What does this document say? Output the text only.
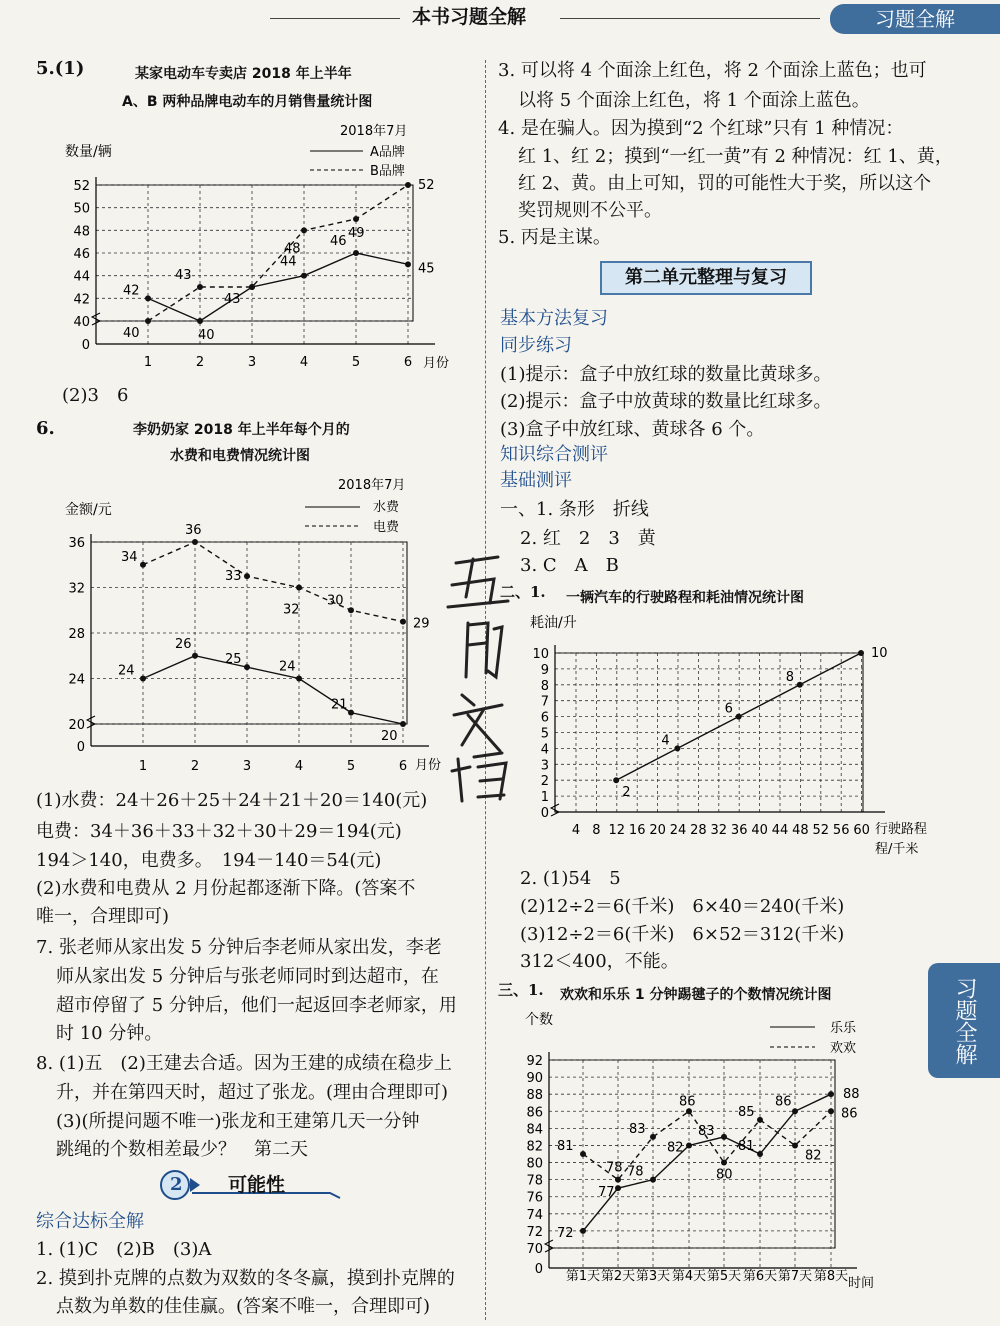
本书习题全解	习题全解
习题全解
5.(1)	某家电动车专卖店 2018 年上半年
A、B 两种品牌电动车的月销售量统计图
0
40
42
44
46
48
50
52
1	2	3	4	5	6
数量/辆
2018年7月
A品牌
B品牌
月份
42
40
43
40
43
48
44
49
46
52
45
(2)3　6
6.	李奶奶家 2018 年上半年每个月的
水费和电费情况统计图
0
20
24
28
32
36
1	2	3	4	5	6
金额/元
2018年7月
水费
电费
月份
24
26
25	24
21
20
34
36
33
32
30
29
(1)水费：24＋26＋25＋24＋21＋20＝140(元)
电费：34＋36＋33＋32＋30＋29＝194(元)
194＞140，电费多。　194－140＝54(元)
(2)水费和电费从 2 月份起都逐渐下降。(答案不
唯一，合理即可)
7. 张老师从家出发 5 分钟后李老师从家出发，李老
师从家出发 5 分钟后与张老师同时到达超市，在
超市停留了 5 分钟后，他们一起返回李老师家，用
时 10 分钟。
8. (1)五　(2)王建去合适。因为王建的成绩在稳步上
升，并在第四天时，超过了张龙。(理由合理即可)
(3)(所提问题不唯一)张龙和王建第几天一分钟
跳绳的个数相差最少？　第二天
2 可能性
综合达标全解
1. (1)C　(2)B　(3)A
2. 摸到扑克牌的点数为双数的冬冬赢，摸到扑克牌的
点数为单数的佳佳赢。(答案不唯一，合理即可)
3. 可以将 4 个面涂上红色，将 2 个面涂上蓝色；也可
以将 5 个面涂上红色，将 1 个面涂上蓝色。
4. 是在骗人。因为摸到“2 个红球”只有 1 种情况：
红 1、红 2；摸到“一红一黄”有 2 种情况：红 1、黄，
红 2、黄。由上可知，罚的可能性大于奖，所以这个
奖罚规则不公平。
5. 丙是主谋。
第二单元整理与复习
基本方法复习
同步练习
(1)提示：盒子中放红球的数量比黄球多。
(2)提示：盒子中放黄球的数量比红球多。
(3)盒子中放红球、黄球各 6 个。
知识综合测评
基础测评
一、1. 条形　折线
2. 红　2　3　黄
3. C　A　B
二、1. 一辆汽车的行驶路程和耗油情况统计图
0
1
2
3
4
5
6
7
8
9
10
4 8 12 16 20 24 28 32 36 40 44 48 52 56 60
耗油/升
行驶路程
程/千米
2
4
6
8
10
2. (1)54　5
(2)12÷2＝6(千米)　6×40＝240(千米)
(3)12÷2＝6(千米)　6×52＝312(千米)
312＜400，不能。
三、1. 欢欢和乐乐 1 分钟踢毽子的个数情况统计图
0
70
72
74
76
78
80
82
84
86
88
90
92
第1天 第2天 第3天 第4天 第5天 第6天 第7天 第8天
个数
乐乐
欢欢
时间
72
77
78
82
83
81
86	88
81
78
83
86
80
85
82
86
